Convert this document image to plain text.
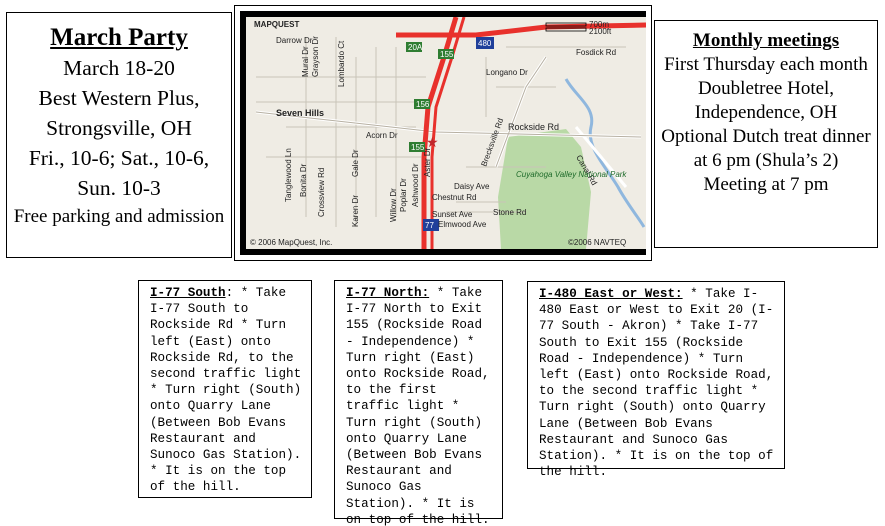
March Party
March 18-20
Best Western Plus,
Strongsville, OH
Fri., 10-6; Sat., 10-6,
Sun. 10-3
Free parking and admission
MAPQUEST	700m
2100ft
20A
155
480
156
155
77
★
Darrow Dr
Mural Dr Grayson Dr Lombardo Ct	Fosdick Rd
Longano Dr
Seven Hills
Acorn Dr
Rockside Rd
Brecksville Rd
Canal Rd
Gale Dr
Karen Dr
Crossview Rd
Tanglewood Ln Bonita Dr
Willow Dr Poplar Dr Ashwood Dr
Aster Dr
Daisy Ave
Chestnut Rd
Sunset Ave
Elmwood Ave
Stone Rd
Cuyahoga Valley National Park
© 2006 MapQuest, Inc.	©2006 NAVTEQ
Monthly meetings
First Thursday each month
Doubletree Hotel, Independence, OH
Optional Dutch treat dinner at 6 pm (Shula’s 2)
Meeting at 7 pm
I-77 South: * Take I-77 South to Rockside Rd * Turn left (East) onto Rockside Rd, to the second traffic light * Turn right (South) onto Quarry Lane (Between Bob Evans Restaurant and Sunoco Gas Station). * It is on the top of the hill.
I-77 North: * Take I-77 North to Exit 155 (Rockside Road - Independence) * Turn right (East) onto Rockside Road, to the first traffic light * Turn right (South) onto Quarry Lane (Between Bob Evans Restaurant and Sunoco Gas Station). * It is on top of the hill.
I-480 East or West: * Take I-480 East or West to Exit 20 (I-77 South - Akron) * Take I-77 South to Exit 155 (Rockside Road - Independence) * Turn left (East) onto Rockside Road, to the second traffic light * Turn right (South) onto Quarry Lane (Between Bob Evans Restaurant and Sunoco Gas Station). * It is on the top of the hill.
